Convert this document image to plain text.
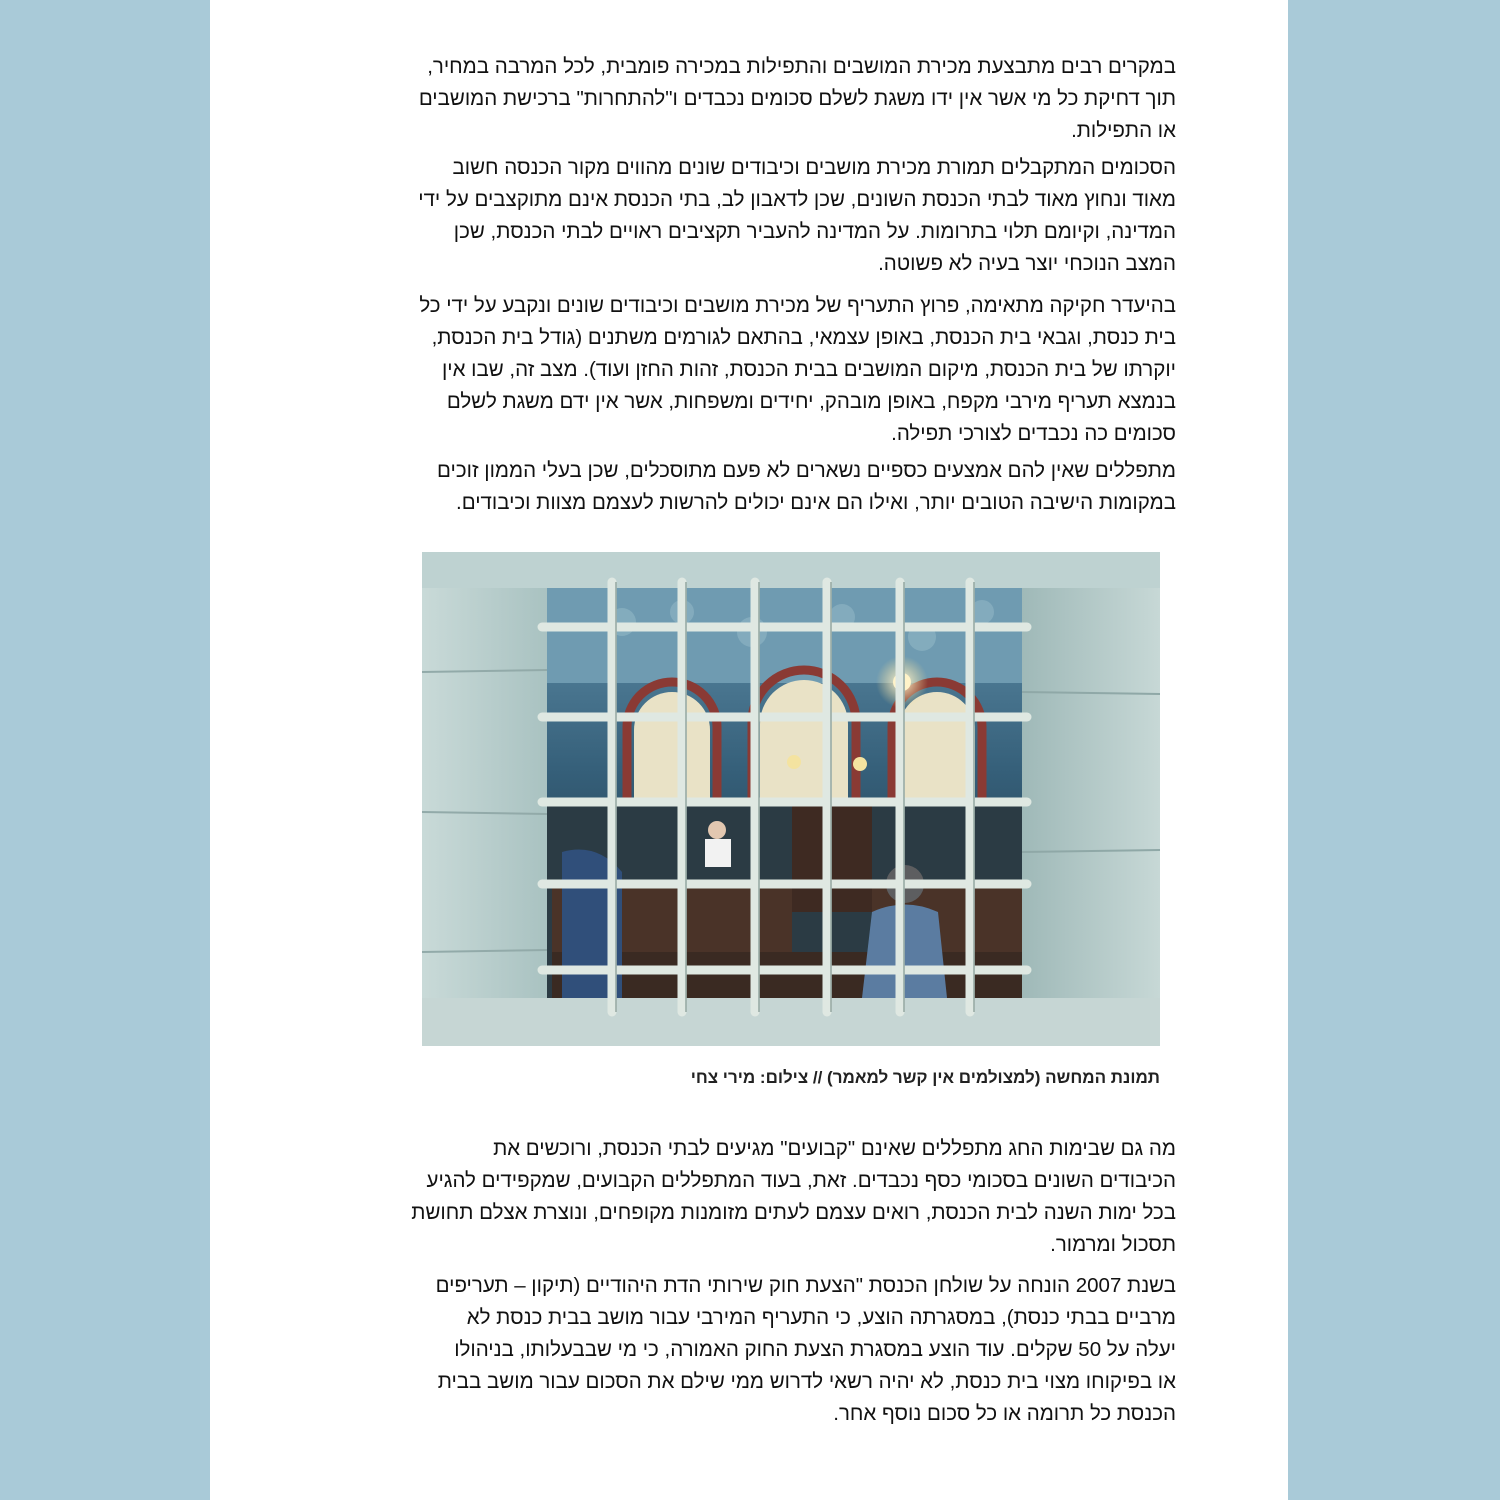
במקרים רבים מתבצעת מכירת המושבים והתפילות במכירה פומבית, לכל המרבה במחיר,
תוך דחיקת כל מי אשר אין ידו משגת לשלם סכומים נכבדים ו"להתחרות" ברכישת המושבים
או התפילות.

הסכומים המתקבלים תמורת מכירת מושבים וכיבודים שונים מהווים מקור הכנסה חשוב
מאוד ונחוץ מאוד לבתי הכנסת השונים, שכן לדאבון לב, בתי הכנסת אינם מתוקצבים על ידי
המדינה, וקיומם תלוי בתרומות. על המדינה להעביר תקציבים ראויים לבתי הכנסת, שכן
המצב הנוכחי יוצר בעיה לא פשוטה.

בהיעדר חקיקה מתאימה, פרוץ התעריף של מכירת מושבים וכיבודים שונים ונקבע על ידי כל
בית כנסת, וגבאי בית הכנסת, באופן עצמאי, בהתאם לגורמים משתנים (גודל בית הכנסת,
יוקרתו של בית הכנסת, מיקום המושבים בבית הכנסת, זהות החזן ועוד). מצב זה, שבו אין
בנמצא תעריף מירבי מקפח, באופן מובהק, יחידים ומשפחות, אשר אין ידם משגת לשלם
סכומים כה נכבדים לצורכי תפילה.

מתפללים שאין להם אמצעים כספיים נשארים לא פעם מתוסכלים, שכן בעלי הממון זוכים
במקומות הישיבה הטובים יותר, ואילו הם אינם יכולים להרשות לעצמם מצוות וכיבודים.

תמונת המחשה (למצולמים אין קשר למאמר) // צילום: מירי צחי

מה גם שבימות החג מתפללים שאינם "קבועים" מגיעים לבתי הכנסת, ורוכשים את
הכיבודים השונים בסכומי כסף נכבדים. זאת, בעוד המתפללים הקבועים, שמקפידים להגיע
בכל ימות השנה לבית הכנסת, רואים עצמם לעתים מזומנות מקופחים, ונוצרת אצלם תחושת
תסכול ומרמור.

בשנת 2007 הונחה על שולחן הכנסת "הצעת חוק שירותי הדת היהודיים (תיקון – תעריפים
מרביים בבתי כנסת), במסגרתה הוצע, כי התעריף המירבי עבור מושב בבית כנסת לא
יעלה על 50 שקלים. עוד הוצע במסגרת הצעת החוק האמורה, כי מי שבבעלותו, בניהולו
או בפיקוחו מצוי בית כנסת, לא יהיה רשאי לדרוש ממי שילם את הסכום עבור מושב בבית
הכנסת כל תרומה או כל סכום נוסף אחר.
